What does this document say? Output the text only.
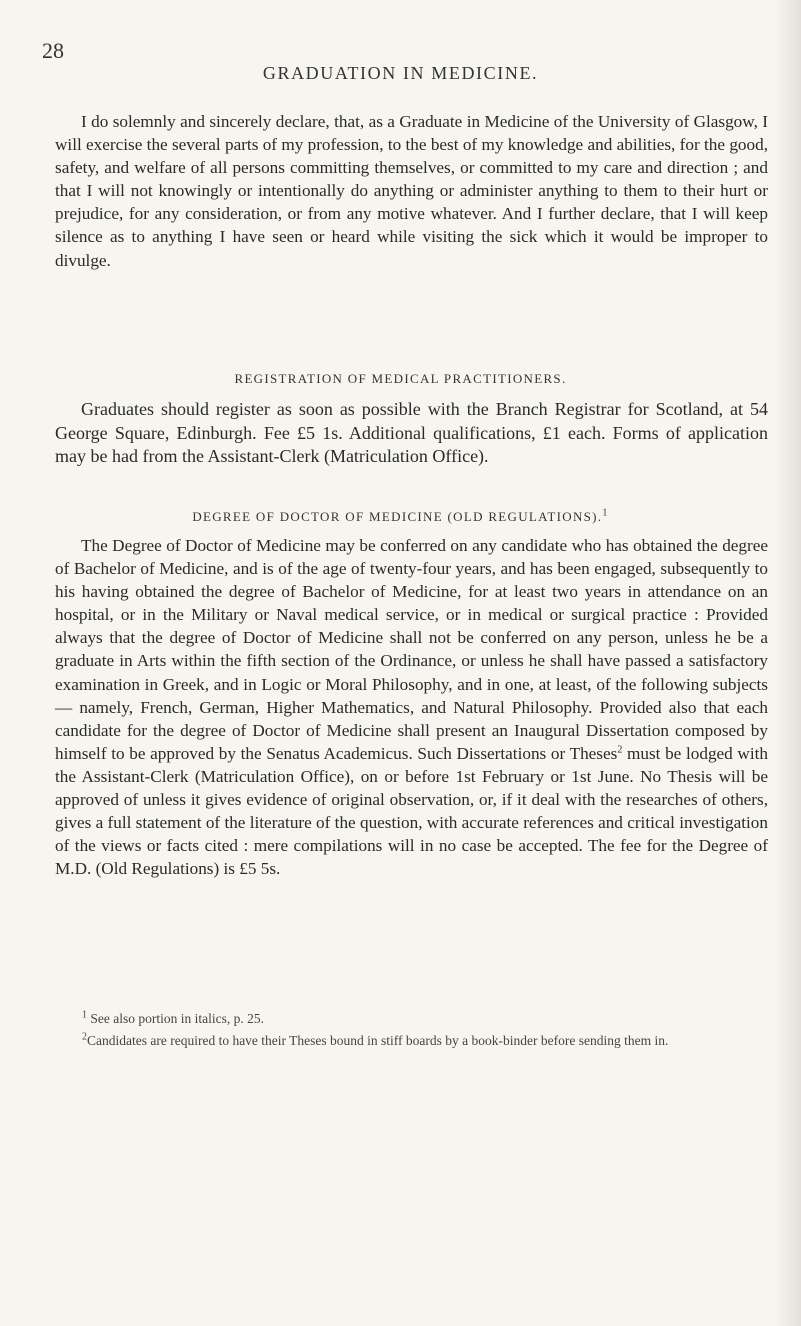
28
GRADUATION IN MEDICINE.

I do solemnly and sincerely declare, that, as a Graduate in Medicine of the University of Glasgow, I will exercise the several parts of my profession, to the best of my knowledge and abilities, for the good, safety, and welfare of all persons committing themselves, or committed to my care and direction ; and that I will not knowingly or intentionally do anything or administer anything to them to their hurt or prejudice, for any consideration, or from any motive whatever. And I further declare, that I will keep silence as to anything I have seen or heard while visiting the sick which it would be improper to divulge.

REGISTRATION OF MEDICAL PRACTITIONERS.

Graduates should register as soon as possible with the Branch Registrar for Scotland, at 54 George Square, Edinburgh. Fee £5 1s. Additional qualifications, £1 each. Forms of application may be had from the Assistant-Clerk (Matriculation Office).

DEGREE OF DOCTOR OF MEDICINE (OLD REGULATIONS).$^1$

The Degree of Doctor of Medicine may be conferred on any candidate who has obtained the degree of Bachelor of Medicine, and is of the age of twenty-four years, and has been engaged, subsequently to his having obtained the degree of Bachelor of Medicine, for at least two years in attendance on an hospital, or in the Military or Naval medical service, or in medical or surgical practice : Provided always that the degree of Doctor of Medicine shall not be conferred on any person, unless he be a graduate in Arts within the fifth section of the Ordinance, or unless he shall have passed a satisfactory examination in Greek, and in Logic or Moral Philosophy, and in one, at least, of the following subjects— namely, French, German, Higher Mathematics, and Natural Philosophy. Provided also that each candidate for the degree of Doctor of Medicine shall present an Inaugural Dissertation composed by himself to be approved by the Senatus Academicus. Such Dissertations or Theses$^2$ must be lodged with the Assistant-Clerk (Matriculation Office), on or before 1st February or 1st June. No Thesis will be approved of unless it gives evidence of original observation, or, if it deal with the researches of others, gives a full statement of the literature of the question, with accurate references and critical investigation of the views or facts cited : mere compilations will in no case be accepted. The fee for the Degree of M.D. (Old Regulations) is £5 5s.

$^1$ See also portion in italics, p. 25.

$^2$Candidates are required to have their Theses bound in stiff boards by a book-binder before sending them in.
